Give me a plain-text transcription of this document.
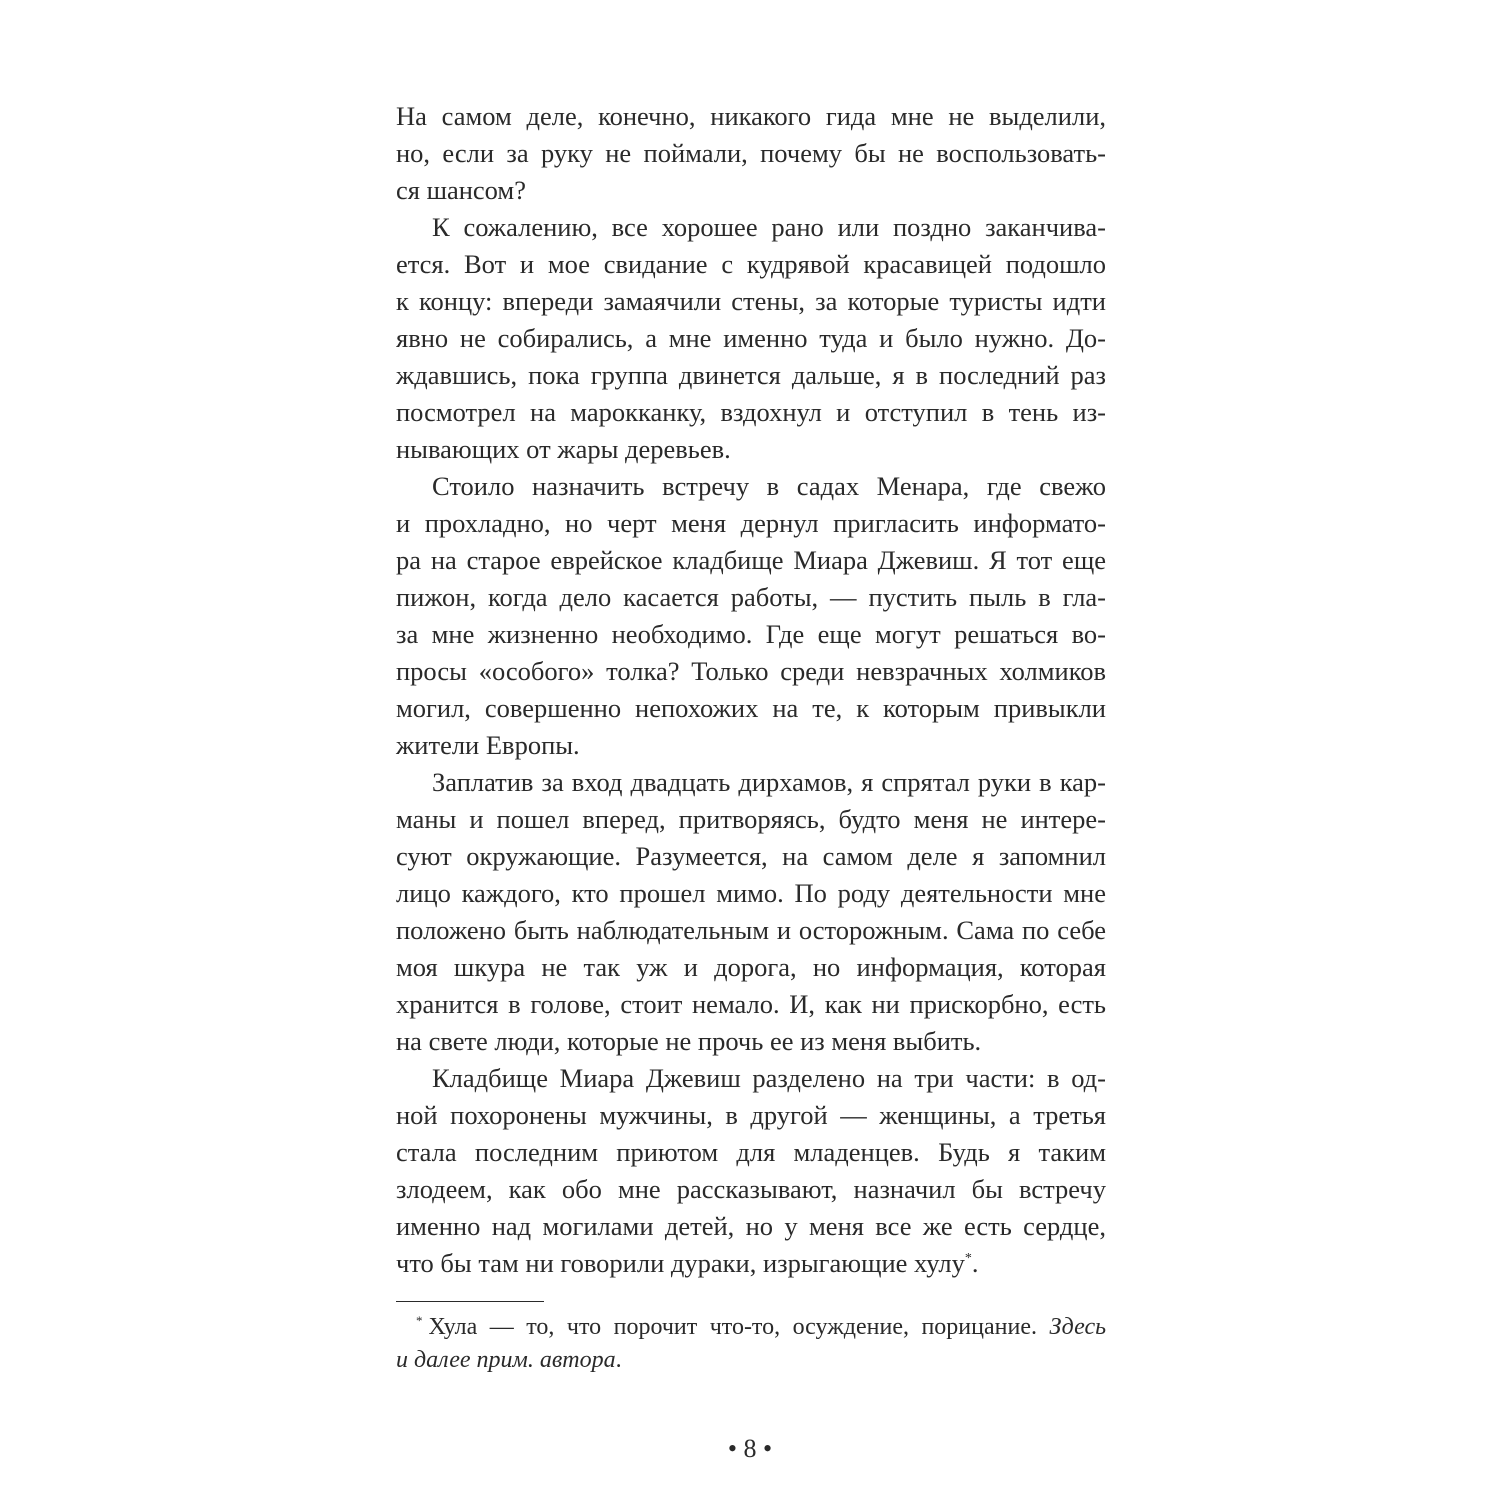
На самом деле, конечно, никакого гида мне не выделили,
но, если за руку не поймали, почему бы не воспользовать-
ся шансом?
К сожалению, все хорошее рано или поздно заканчива-
ется. Вот и мое свидание с кудрявой красавицей подошло
к концу: впереди замаячили стены, за которые туристы идти
явно не собирались, а мне именно туда и было нужно. До-
ждавшись, пока группа двинется дальше, я в последний раз
посмотрел на марокканку, вздохнул и отступил в тень из-
нывающих от жары деревьев.
Стоило назначить встречу в садах Менара, где свежо
и прохладно, но черт меня дернул пригласить информато-
ра на старое еврейское кладбище Миара Джевиш. Я тот еще
пижон, когда дело касается работы, — пустить пыль в гла-
за мне жизненно необходимо. Где еще могут решаться во-
просы «особого» толка? Только среди невзрачных холмиков
могил, совершенно непохожих на те, к которым привыкли
жители Европы.
Заплатив за вход двадцать дирхамов, я спрятал руки в кар-
маны и пошел вперед, притворяясь, будто меня не интере-
суют окружающие. Разумеется, на самом деле я запомнил
лицо каждого, кто прошел мимо. По роду деятельности мне
положено быть наблюдательным и осторожным. Сама по себе
моя шкура не так уж и дорога, но информация, которая
хранится в голове, стоит немало. И, как ни прискорбно, есть
на свете люди, которые не прочь ее из меня выбить.
Кладбище Миара Джевиш разделено на три части: в од-
ной похоронены мужчины, в другой — женщины, а третья
стала последним приютом для младенцев. Будь я таким
злодеем, как обо мне рассказывают, назначил бы встречу
именно над могилами детей, но у меня все же есть сердце,
что бы там ни говорили дураки, изрыгающие хулу*.
* Хула — то, что порочит что-то, осуждение, порицание. Здесь
и далее прим. автора.
• 8 •
